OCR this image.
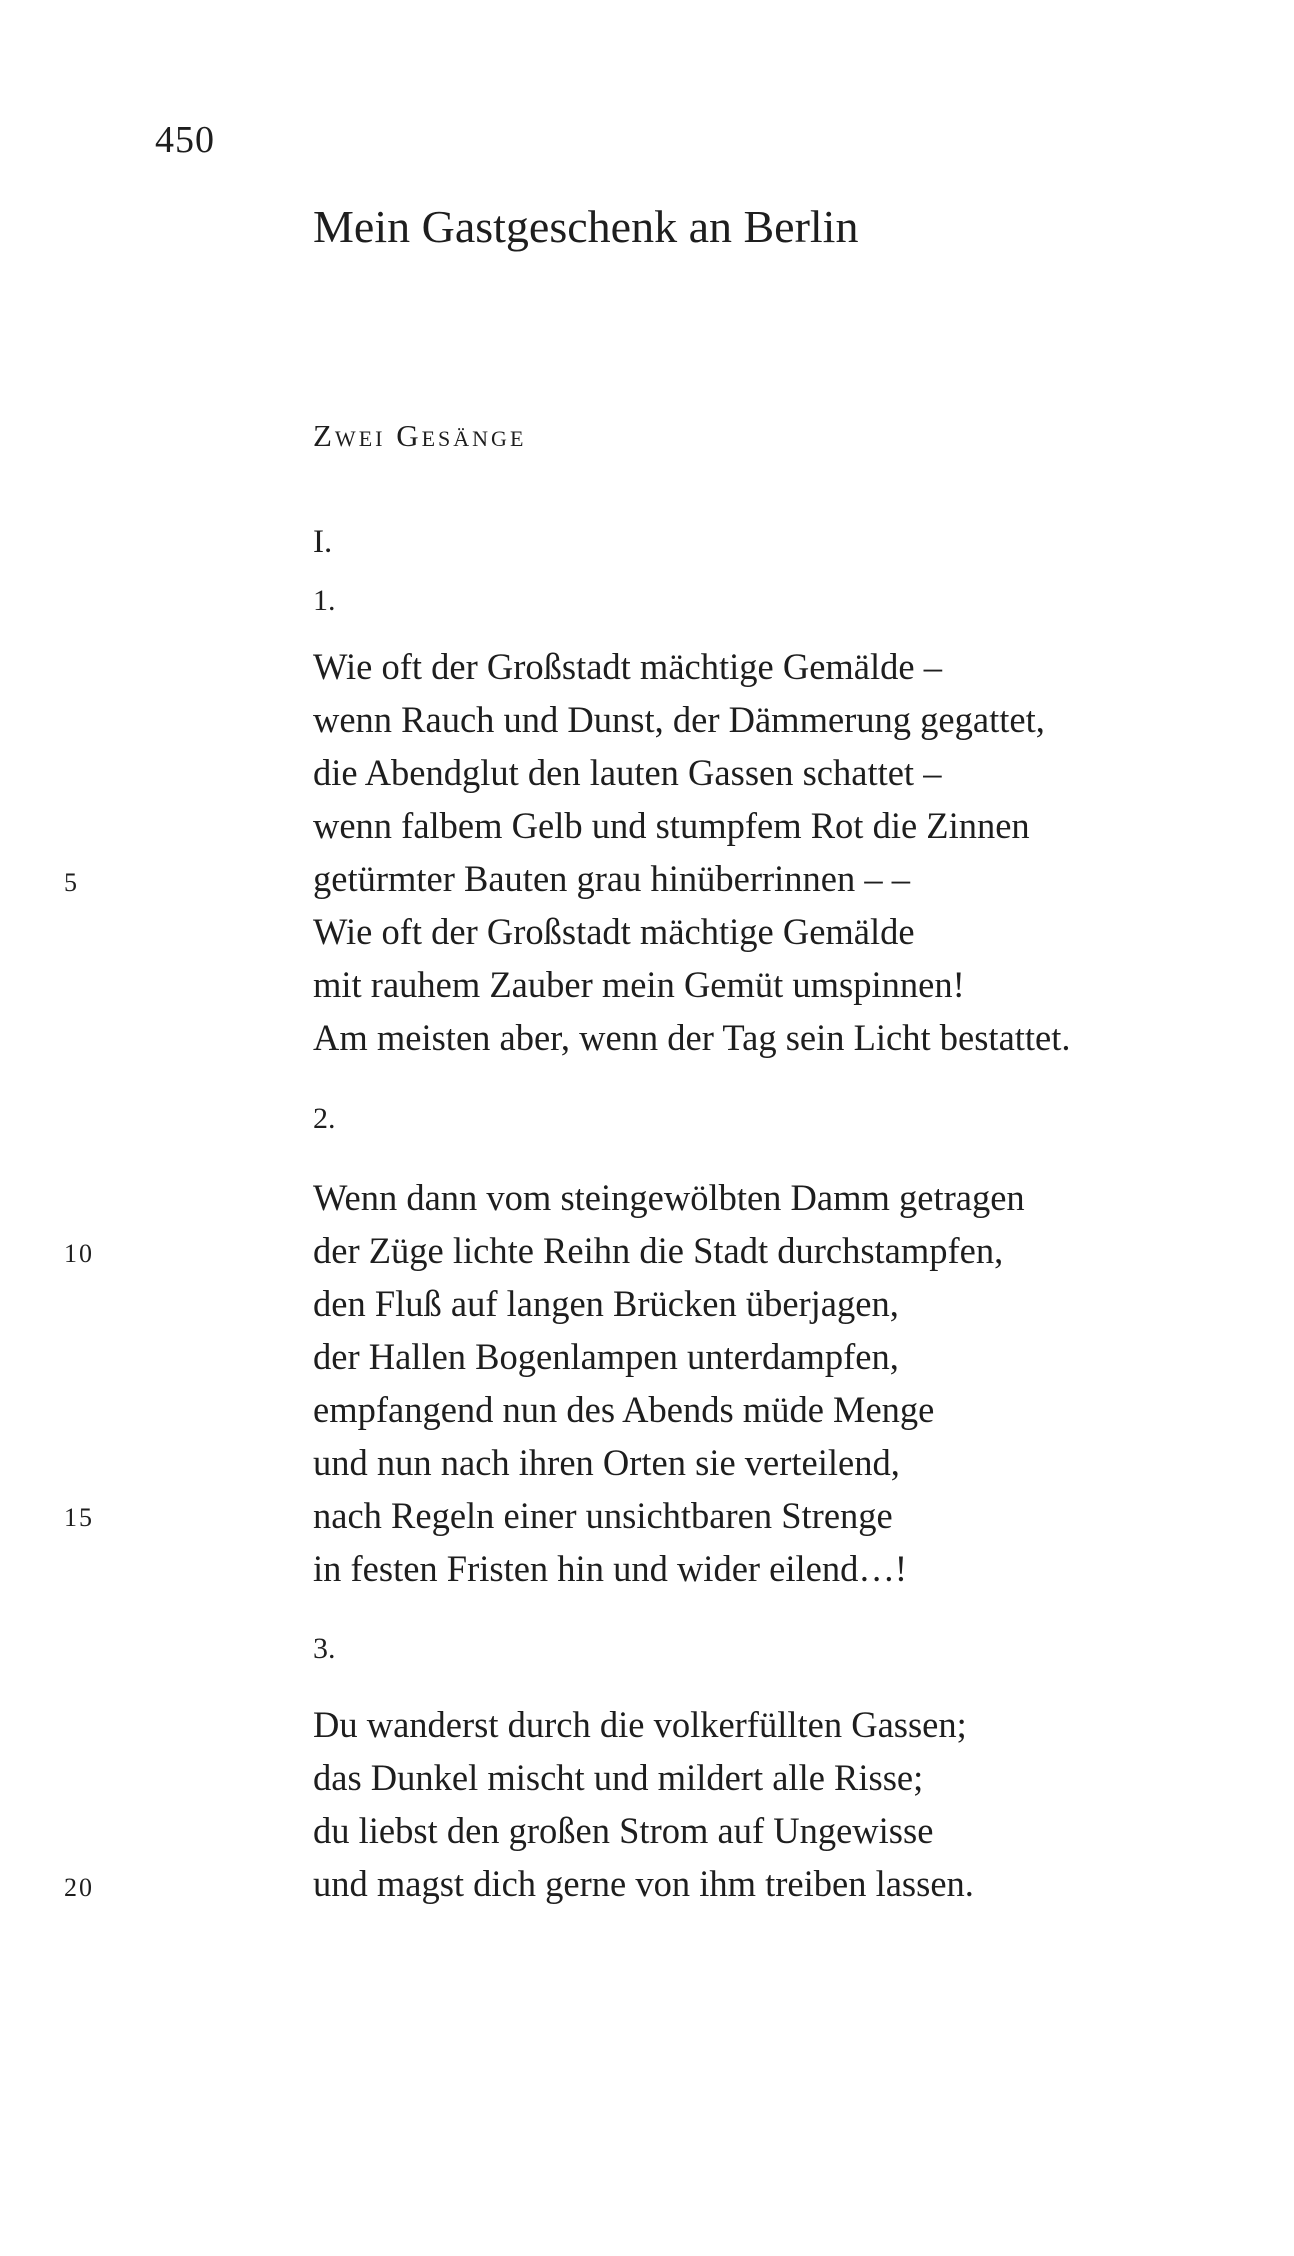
450
Mein Gastgeschenk an Berlin
Zwei Gesänge
I.
1.
Wie oft der Großstadt mächtige Gemälde –
wenn Rauch und Dunst, der Dämmerung gegattet,
die Abendglut den lauten Gassen schattet –
wenn falbem Gelb und stumpfem Rot die Zinnen
getürmter Bauten grau hinüberrinnen – –
Wie oft der Großstadt mächtige Gemälde
mit rauhem Zauber mein Gemüt umspinnen!
Am meisten aber, wenn der Tag sein Licht bestattet.
2.
Wenn dann vom steingewölbten Damm getragen
der Züge lichte Reihn die Stadt durchstampfen,
den Fluß auf langen Brücken überjagen,
der Hallen Bogenlampen unterdampfen,
empfangend nun des Abends müde Menge
und nun nach ihren Orten sie verteilend,
nach Regeln einer unsichtbaren Strenge
in festen Fristen hin und wider eilend…!
3.
Du wanderst durch die volkerfüllten Gassen;
das Dunkel mischt und mildert alle Risse;
du liebst den großen Strom auf Ungewisse
und magst dich gerne von ihm treiben lassen.
5
10
15
20
